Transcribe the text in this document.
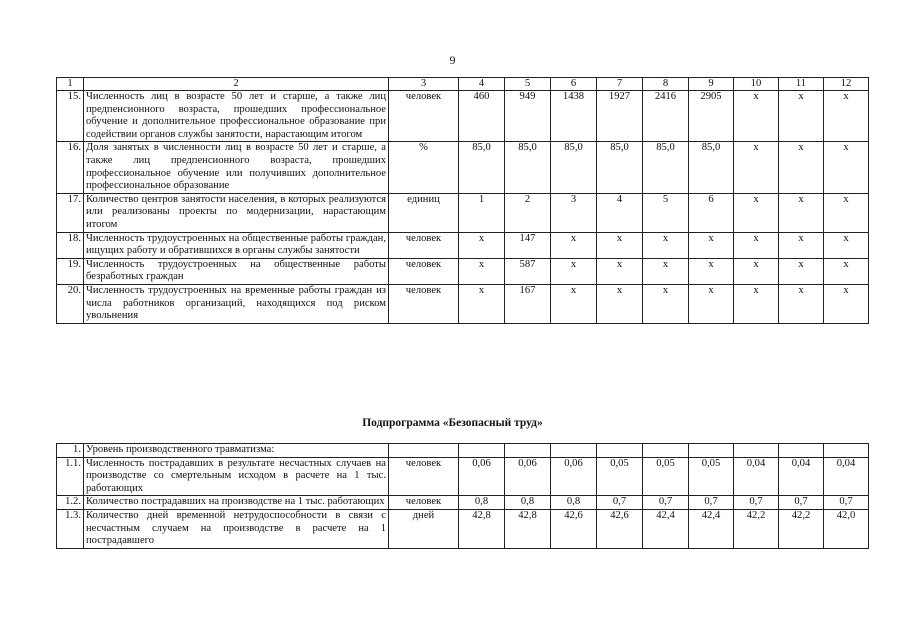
9
1	2	3	4	5	6	7	8	9	10	11	12
15.	Численность лиц в возрасте 50 лет и старше, а также лиц предпенсионного возраста, прошедших профессиональное обучение и дополнительное профессиональное образование при содействии органов службы занятости, нарастающим итогом	человек	460	949	1438	1927	2416	2905	x	x	x
16.	Доля занятых в численности лиц в возрасте 50 лет и старше, а также лиц предпенсионного возраста, прошедших профессиональное обучение или получивших дополнительное профессиональное образование	%	85,0	85,0	85,0	85,0	85,0	85,0	x	x	x
17.	Количество центров занятости населения, в которых реализуются или реализованы проекты по модернизации, нарастающим итогом	единиц	1	2	3	4	5	6	x	x	x
18.	Численность трудоустроенных на общественные работы граждан, ищущих работу и обратившихся в органы службы занятости	человек	x	147	x	x	x	x	x	x	x
19.	Численность трудоустроенных на общественные работы безработных граждан	человек	x	587	x	x	x	x	x	x	x
20.	Численность трудоустроенных на временные работы граждан из числа работников организаций, находящихся под риском увольнения	человек	x	167	x	x	x	x	x	x	x
Подпрограмма «Безопасный труд»
1.	Уровень производственного травматизма:										
1.1.	Численность пострадавших в результате несчастных случаев на производстве со смертельным исходом в расчете на 1 тыс. работающих	человек	0,06	0,06	0,06	0,05	0,05	0,05	0,04	0,04	0,04
1.2.	Количество пострадавших на производстве на 1 тыс. работающих	человек	0,8	0,8	0,8	0,7	0,7	0,7	0,7	0,7	0,7
1.3.	Количество дней временной нетрудоспособности в связи с несчастным случаем на производстве в расчете на 1 пострадавшего	дней	42,8	42,8	42,6	42,6	42,4	42,4	42,2	42,2	42,0
